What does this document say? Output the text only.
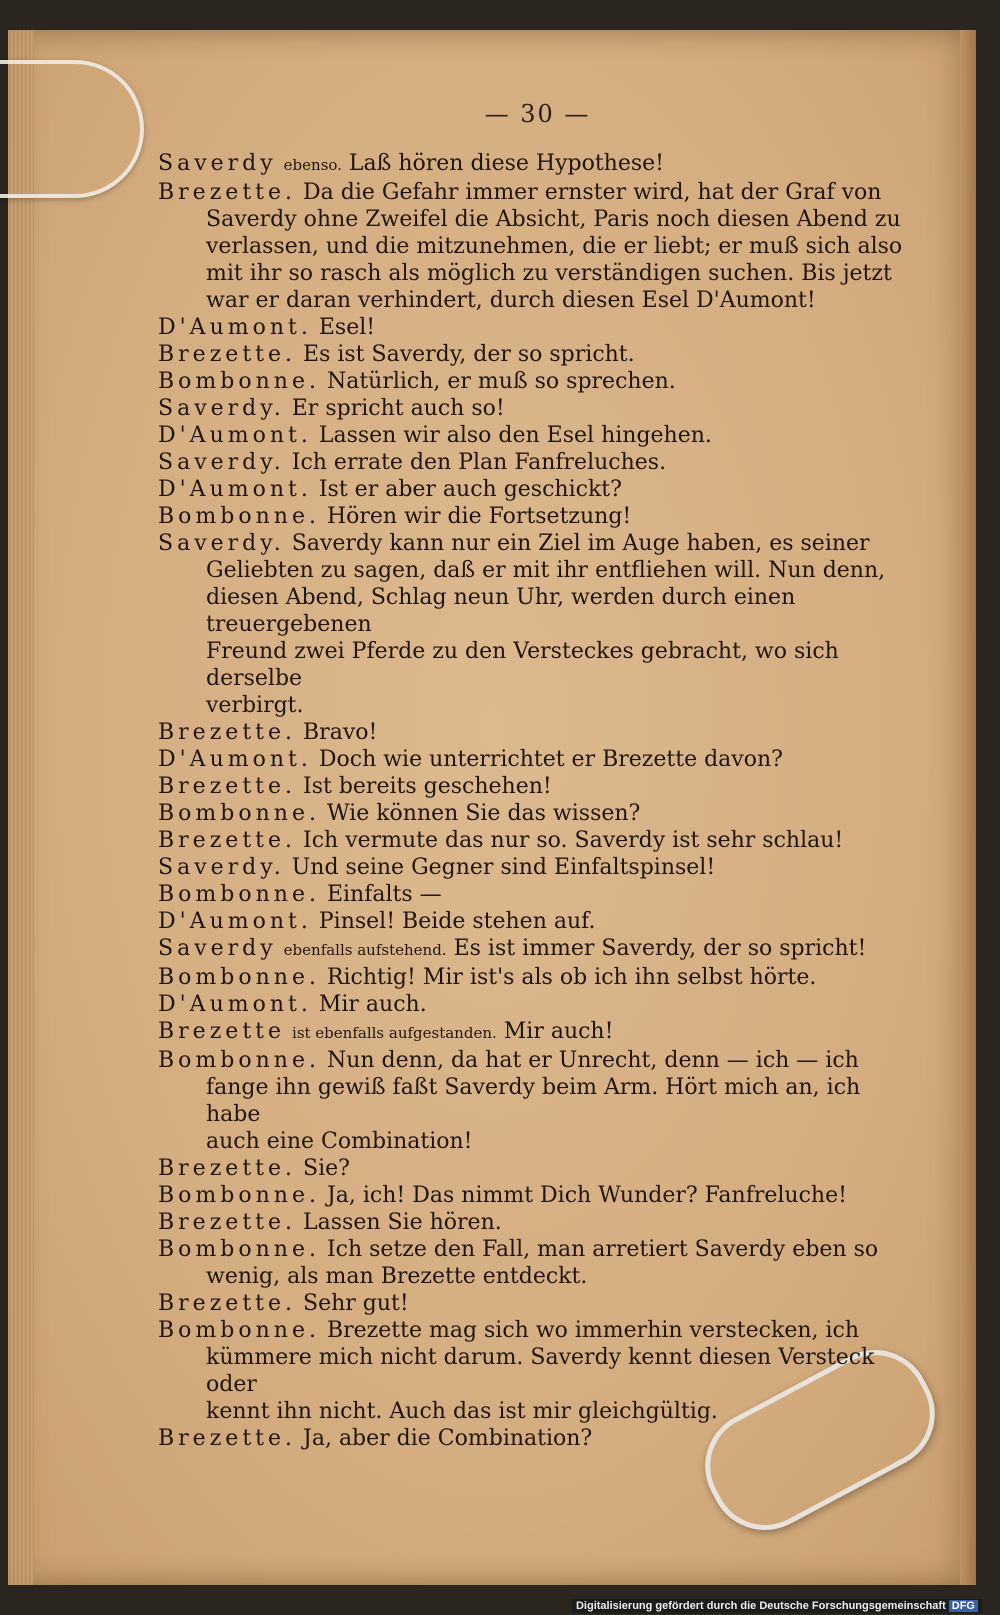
— 30 —
Saverdy ebenso. Laß hören diese Hypothese!
Brezette. Da die Gefahr immer ernster wird, hat der Graf von
Saverdy ohne Zweifel die Absicht, Paris noch diesen Abend zu
verlassen, und die mitzunehmen, die er liebt; er muß sich also
mit ihr so rasch als möglich zu verständigen suchen. Bis jetzt
war er daran verhindert, durch diesen Esel D'Aumont!
D'Aumont. Esel!
Brezette. Es ist Saverdy, der so spricht.
Bombonne. Natürlich, er muß so sprechen.
Saverdy. Er spricht auch so!
D'Aumont. Lassen wir also den Esel hingehen.
Saverdy. Ich errate den Plan Fanfreluches.
D'Aumont. Ist er aber auch geschickt?
Bombonne. Hören wir die Fortsetzung!
Saverdy. Saverdy kann nur ein Ziel im Auge haben, es seiner
Geliebten zu sagen, daß er mit ihr entfliehen will. Nun denn,
diesen Abend, Schlag neun Uhr, werden durch einen treuergebenen
Freund zwei Pferde zu den Versteckes gebracht, wo sich derselbe
verbirgt.
Brezette. Bravo!
D'Aumont. Doch wie unterrichtet er Brezette davon?
Brezette. Ist bereits geschehen!
Bombonne. Wie können Sie das wissen?
Brezette. Ich vermute das nur so. Saverdy ist sehr schlau!
Saverdy. Und seine Gegner sind Einfaltspinsel!
Bombonne. Einfalts —
D'Aumont. Pinsel! Beide stehen auf.
Saverdy ebenfalls aufstehend. Es ist immer Saverdy, der so spricht!
Bombonne. Richtig! Mir ist's als ob ich ihn selbst hörte.
D'Aumont. Mir auch.
Brezette ist ebenfalls aufgestanden. Mir auch!
Bombonne. Nun denn, da hat er Unrecht, denn — ich — ich
fange ihn gewiß faßt Saverdy beim Arm. Hört mich an, ich habe
auch eine Combination!
Brezette. Sie?
Bombonne. Ja, ich! Das nimmt Dich Wunder? Fanfreluche!
Brezette. Lassen Sie hören.
Bombonne. Ich setze den Fall, man arretiert Saverdy eben so
wenig, als man Brezette entdeckt.
Brezette. Sehr gut!
Bombonne. Brezette mag sich wo immerhin verstecken, ich
kümmere mich nicht darum. Saverdy kennt diesen Versteck oder
kennt ihn nicht. Auch das ist mir gleichgültig.
Brezette. Ja, aber die Combination?
Digitalisierung gefördert durch die Deutsche Forschungsgemeinschaft DFG
